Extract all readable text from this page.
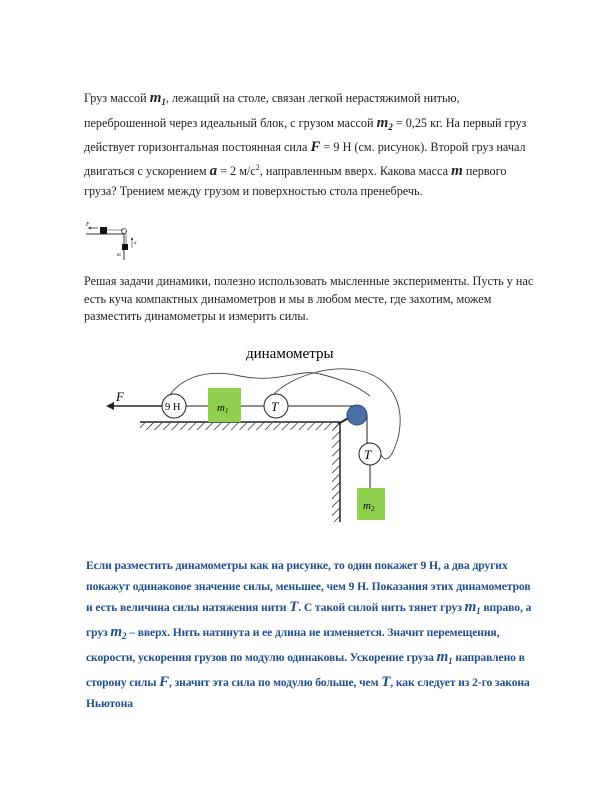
Груз массой $m_1$, лежащий на столе, связан легкой нерастяжимой нитью, переброшенной через идеальный блок, с грузом массой $m_2 = 0,25$ кг. На первый груз действует горизонтальная постоянная сила F = 9 Н (см. рисунок). Второй груз начал двигаться с ускорением a = 2 $м/с^2$, направленным вверх. Какова масса m первого груза? Трением между грузом и поверхностью стола пренебречь.
F
m
a
Решая задачи динамики, полезно использовать мысленные эксперименты. Пусть у нас есть куча компактных динамометров и мы в любом месте, где захотим, можем разместить динамометры и измерить силы.
динамометры
F
9 Н	m1	T
T
m2
Если разместить динамометры как на рисунке, то один покажет 9 Н, а два других покажут одинаковое значение силы, меньшее, чем 9 Н. Показания этих динамометров и есть величина силы натяжения нити T. С такой силой нить тянет груз $m_1$ вправо, а груз $m_2$ – вверх. Нить натянута и ее длина не изменяется. Значит перемещения, скорости, ускорения грузов по модулю одинаковы. Ускорение груза $m_1$ направлено в сторону силы F, значит эта сила по модулю больше, чем T, как следует из 2-го закона Ньютона
